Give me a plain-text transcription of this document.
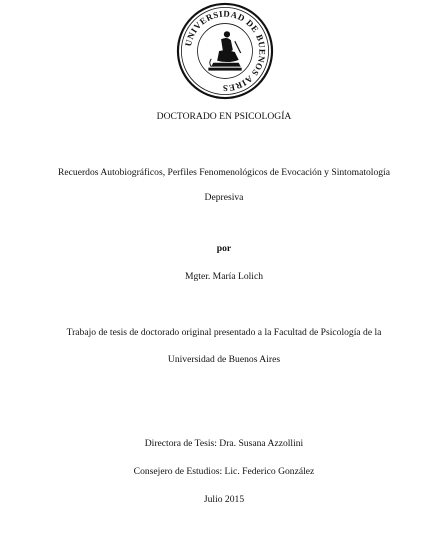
UNIVERSIDAD DE BUENOS AIRES
DOCTORADO EN PSICOLOGÍA
Recuerdos Autobiográficos, Perfiles Fenomenológicos de Evocación y Sintomatología
Depresiva
por
Mgter. María Lolich
Trabajo de tesis de doctorado original presentado a la Facultad de Psicología de la
Universidad de Buenos Aires
Directora de Tesis: Dra. Susana Azzollini
Consejero de Estudios: Lic. Federico González
Julio 2015
